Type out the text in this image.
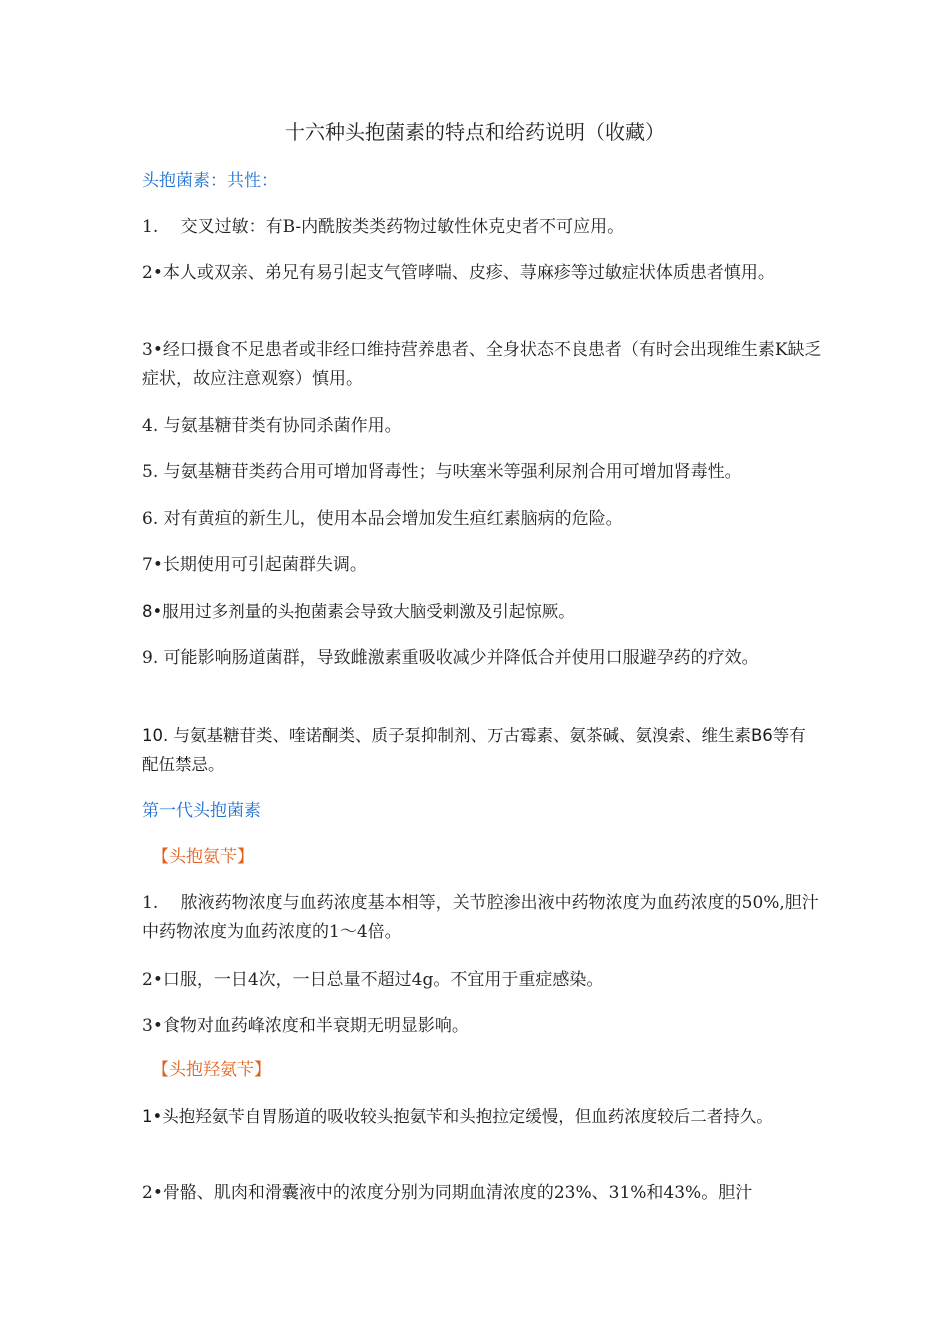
十六种头抱菌素的特点和给药说明（收藏）
头抱菌素：共性：
1.　 交叉过敏：有B-内酰胺类类药物过敏性休克史者不可应用。
2•本人或双亲、弟兄有易引起支气管哮喘、皮疹、荨麻疹等过敏症状体质患者慎用。
3•经口摄食不足患者或非经口维持营养患者、全身状态不良患者（有时会出现维生素K缺乏症状，故应注意观察）慎用。
4. 与氨基糖苷类有协同杀菌作用。
5. 与氨基糖苷类药合用可增加肾毒性；与呋塞米等强利尿剂合用可增加肾毒性。
6. 对有黄疸的新生儿，使用本品会增加发生疸红素脑病的危险。
7•长期使用可引起菌群失调。
8•服用过多剂量的头抱菌素会导致大脑受刺激及引起惊厥。
9. 可能影响肠道菌群，导致雌激素重吸收减少并降低合并使用口服避孕药的疗效。
10. 与氨基糖苷类、喹诺酮类、质子泵抑制剂、万古霉素、氨茶碱、氨溴索、维生素B6等有配伍禁忌。
第一代头抱菌素
【头抱氨苄】
1.　 脓液药物浓度与血药浓度基本相等，关节腔渗出液中药物浓度为血药浓度的50%,胆汁中药物浓度为血药浓度的1〜4倍。
2•口服，一日4次，一日总量不超过4g。不宜用于重症感染。
3•食物对血药峰浓度和半衰期无明显影响。
【头抱羟氨苄】
1•头抱羟氨苄自胃肠道的吸收较头抱氨苄和头抱拉定缓慢，但血药浓度较后二者持久。
2•骨骼、肌肉和滑囊液中的浓度分别为同期血清浓度的23%、31%和43%。胆汁
